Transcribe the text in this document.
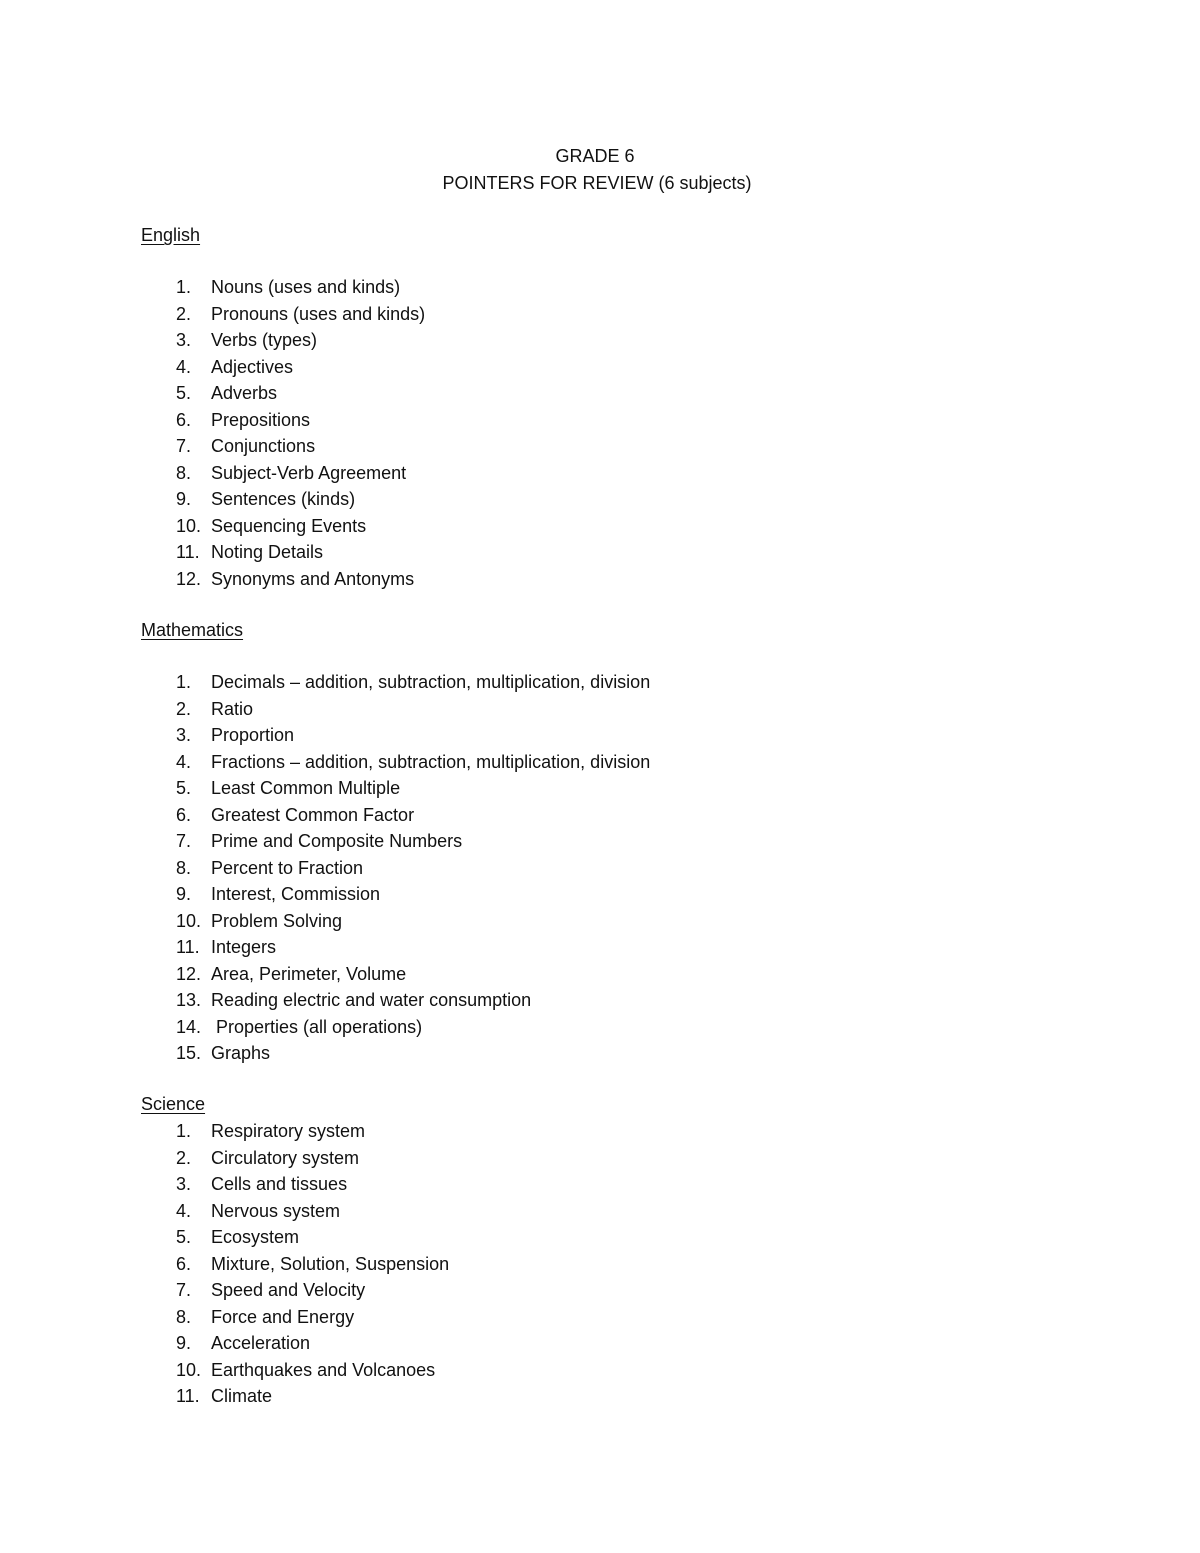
GRADE 6
POINTERS FOR REVIEW (6 subjects)
English
1. Nouns (uses and kinds)
2. Pronouns (uses and kinds)
3. Verbs (types)
4. Adjectives
5. Adverbs
6. Prepositions
7. Conjunctions
8. Subject-Verb Agreement
9. Sentences (kinds)
10. Sequencing Events
11. Noting Details
12. Synonyms and Antonyms
Mathematics
1. Decimals – addition, subtraction, multiplication, division
2. Ratio
3. Proportion
4. Fractions – addition, subtraction, multiplication, division
5. Least Common Multiple
6. Greatest Common Factor
7. Prime and Composite Numbers
8. Percent to Fraction
9. Interest, Commission
10. Problem Solving
11. Integers
12. Area, Perimeter, Volume
13. Reading electric and water consumption
14. Properties (all operations)
15. Graphs
Science
1. Respiratory system
2. Circulatory system
3. Cells and tissues
4. Nervous system
5. Ecosystem
6. Mixture, Solution, Suspension
7. Speed and Velocity
8. Force and Energy
9. Acceleration
10. Earthquakes and Volcanoes
11. Climate
